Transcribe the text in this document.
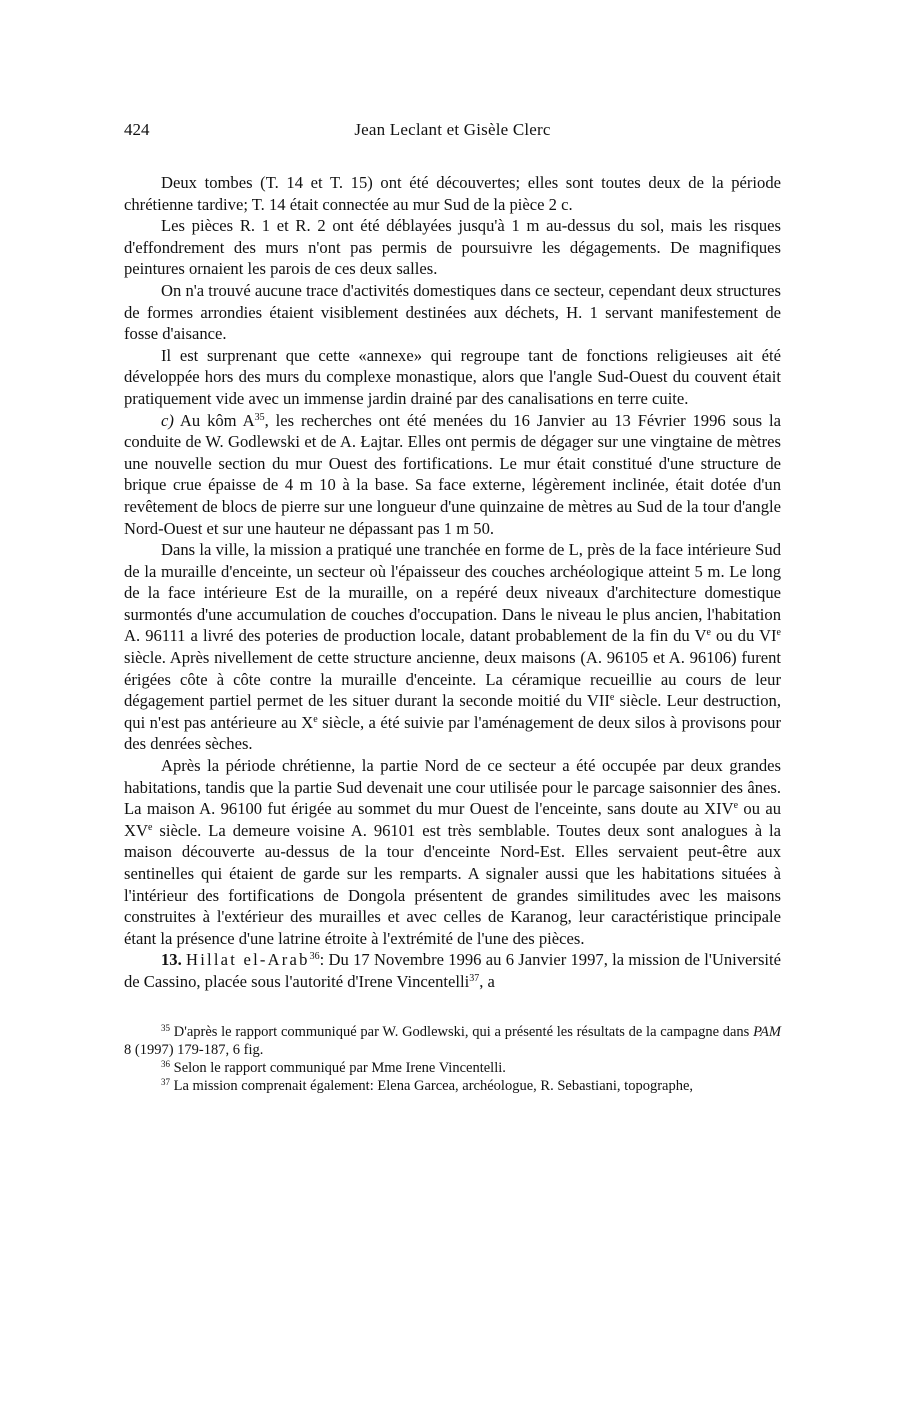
424	Jean Leclant et Gisèle Clerc

Deux tombes (T. 14 et T. 15) ont été découvertes; elles sont toutes deux de la période chrétienne tardive; T. 14 était connectée au mur Sud de la pièce 2 c.

Les pièces R. 1 et R. 2 ont été déblayées jusqu'à 1 m au-dessus du sol, mais les risques d'effondrement des murs n'ont pas permis de poursuivre les dégagements. De magnifiques peintures ornaient les parois de ces deux salles.

On n'a trouvé aucune trace d'activités domestiques dans ce secteur, cependant deux structures de formes arrondies étaient visiblement destinées aux déchets, H. 1 servant manifestement de fosse d'aisance.

Il est surprenant que cette «annexe» qui regroupe tant de fonctions religieuses ait été développée hors des murs du complexe monastique, alors que l'angle Sud-Ouest du couvent était pratiquement vide avec un immense jardin drainé par des canalisations en terre cuite.

c) Au kôm $A^{35}$, les recherches ont été menées du 16 Janvier au 13 Février 1996 sous la conduite de W. Godlewski et de A. Łajtar. Elles ont permis de dégager sur une vingtaine de mètres une nouvelle section du mur Ouest des fortifications. Le mur était constitué d'une structure de brique crue épaisse de 4 m 10 à la base. Sa face externe, légèrement inclinée, était dotée d'un revêtement de blocs de pierre sur une longueur d'une quinzaine de mètres au Sud de la tour d'angle Nord-Ouest et sur une hauteur ne dépassant pas 1 m 50.

Dans la ville, la mission a pratiqué une tranchée en forme de L, près de la face intérieure Sud de la muraille d'enceinte, un secteur où l'épaisseur des couches archéologique atteint 5 m. Le long de la face intérieure Est de la muraille, on a repéré deux niveaux d'architecture domestique surmontés d'une accumulation de couches d'occupation. Dans le niveau le plus ancien, l'habitation A. 96111 a livré des poteries de production locale, datant probablement de la fin du Ve ou du VIe siècle. Après nivellement de cette structure ancienne, deux maisons (A. 96105 et A. 96106) furent érigées côte à côte contre la muraille d'enceinte. La céramique recueillie au cours de leur dégagement partiel permet de les situer durant la seconde moitié du VIIe siècle. Leur destruction, qui n'est pas antérieure au Xe siècle, a été suivie par l'aménagement de deux silos à provisons pour des denrées sèches.

Après la période chrétienne, la partie Nord de ce secteur a été occupée par deux grandes habitations, tandis que la partie Sud devenait une cour utilisée pour le parcage saisonnier des ânes. La maison A. 96100 fut érigée au sommet du mur Ouest de l'enceinte, sans doute au XIVe ou au XVe siècle. La demeure voisine A. 96101 est très semblable. Toutes deux sont analogues à la maison découverte au-dessus de la tour d'enceinte Nord-Est. Elles servaient peut-être aux sentinelles qui étaient de garde sur les remparts. A signaler aussi que les habitations situées à l'intérieur des fortifications de Dongola présentent de grandes similitudes avec les maisons construites à l'extérieur des murailles et avec celles de Karanog, leur caractéristique principale étant la présence d'une latrine étroite à l'extrémité de l'une des pièces.

13. Hillat el-Arab$^{36}$: Du 17 Novembre 1996 au 6 Janvier 1997, la mission de l'Université de Cassino, placée sous l'autorité d'Irene Vincentelli$^{37}$, a

$^{35}$ D'après le rapport communiqué par W. Godlewski, qui a présenté les résultats de la campagne dans PAM 8 (1997) 179-187, 6 fig.

$^{36}$ Selon le rapport communiqué par Mme Irene Vincentelli.

$^{37}$ La mission comprenait également: Elena Garcea, archéologue, R. Sebastiani, topographe,
